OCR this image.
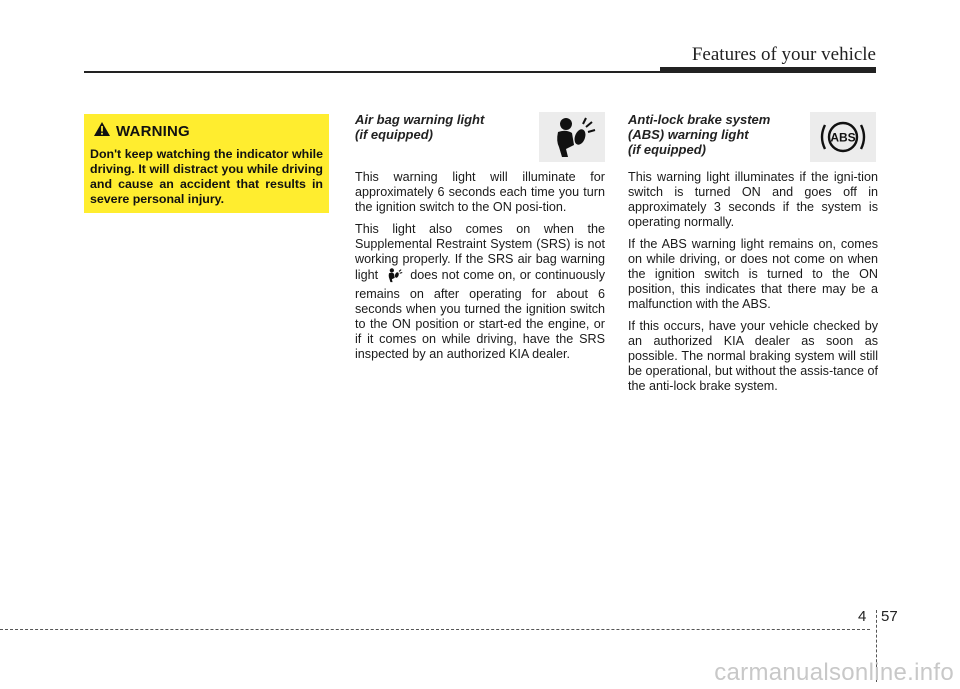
Features of your vehicle
WARNING
Don't keep watching the indicator while driving. It will distract you while driving and cause an accident that results in severe personal injury.
ABS
Air bag warning light
(if equipped)

This warning light will illuminate for approximately 6 seconds each time you turn the ignition switch to the ON posi-tion.

This light also comes on when the Supplemental Restraint System (SRS) is not working properly. If the SRS air bag warning light	does not come on, or continuously remains on after operating for about 6 seconds when you turned the ignition switch to the ON position or start-ed the engine, or if it comes on while driving, have the SRS inspected by an authorized KIA dealer.

Anti-lock brake system
(ABS) warning light
(if equipped)

This warning light illuminates if the igni-tion switch is turned ON and goes off in approximately 3 seconds if the system is operating normally.

If the ABS warning light remains on, comes on while driving, or does not come on when the ignition switch is turned to the ON position, this indicates that there may be a malfunction with the ABS.

If this occurs, have your vehicle checked by an authorized KIA dealer as soon as possible. The normal braking system will still be operational, but without the assis-tance of the anti-lock brake system.

4 57
carmanualsonline.info
